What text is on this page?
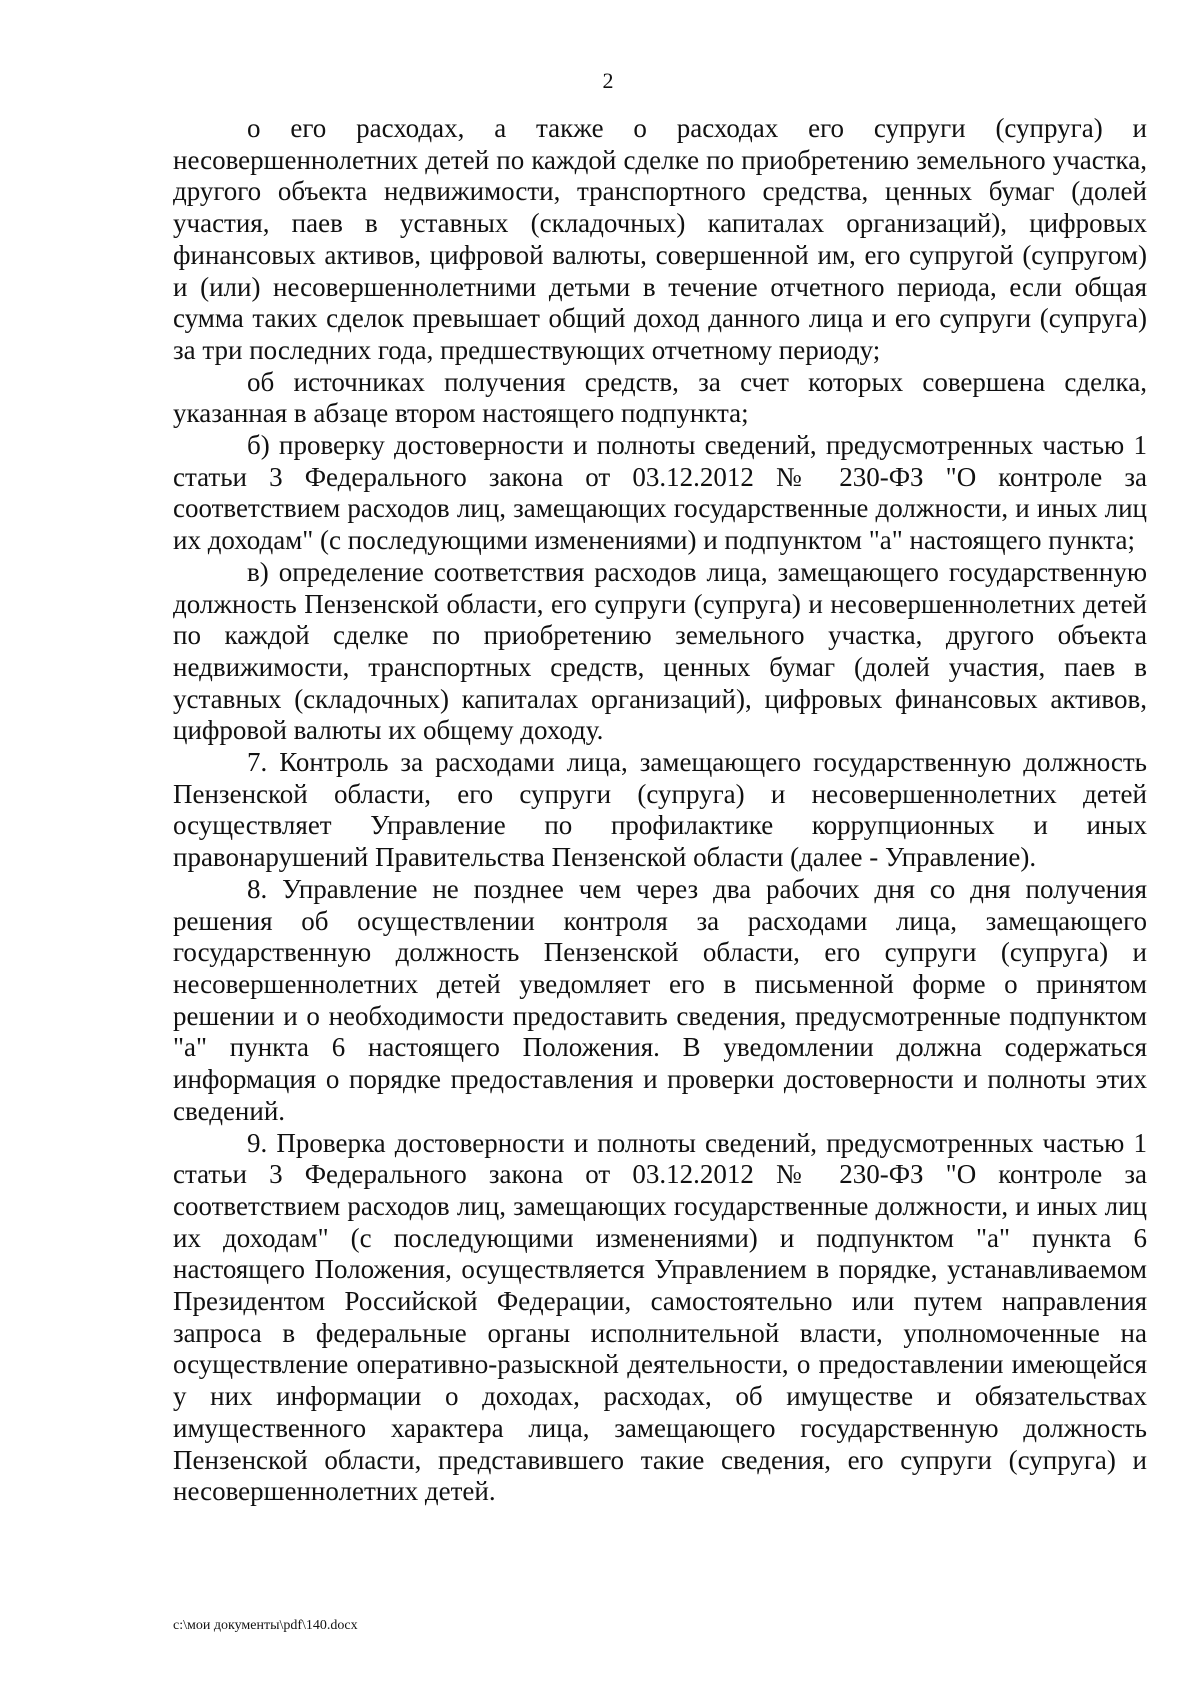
2

о его расходах, а также о расходах его супруги (супруга) и несовершеннолетних детей по каждой сделке по приобретению земельного участка, другого объекта недвижимости, транспортного средства, ценных бумаг (долей участия, паев в уставных (складочных) капиталах организаций), цифровых финансовых активов, цифровой валюты, совершенной им, его супругой (супругом) и (или) несовершеннолетними детьми в течение отчетного периода, если общая сумма таких сделок превышает общий доход данного лица и его супруги (супруга) за три последних года, предшествующих отчетному периоду;

об источниках получения средств, за счет которых совершена сделка, указанная в абзаце втором настоящего подпункта;

б) проверку достоверности и полноты сведений, предусмотренных частью 1 статьи 3 Федерального закона от 03.12.2012 № 230-ФЗ "О контроле за соответствием расходов лиц, замещающих государственные должности, и иных лиц их доходам" (с последующими изменениями) и подпунктом "а" настоящего пункта;

в) определение соответствия расходов лица, замещающего государственную должность Пензенской области, его супруги (супруга) и несовершеннолетних детей по каждой сделке по приобретению земельного участка, другого объекта недвижимости, транспортных средств, ценных бумаг (долей участия, паев в уставных (складочных) капиталах организаций), цифровых финансовых активов, цифровой валюты их общему доходу.

7. Контроль за расходами лица, замещающего государственную должность Пензенской области, его супруги (супруга) и несовершеннолетних детей осуществляет Управление по профилактике коррупционных и иных правонарушений Правительства Пензенской области (далее - Управление).

8. Управление не позднее чем через два рабочих дня со дня получения решения об осуществлении контроля за расходами лица, замещающего государственную должность Пензенской области, его супруги (супруга) и несовершеннолетних детей уведомляет его в письменной форме о принятом решении и о необходимости предоставить сведения, предусмотренные подпунктом "а" пункта 6 настоящего Положения. В уведомлении должна содержаться информация о порядке предоставления и проверки достоверности и полноты этих сведений.

9. Проверка достоверности и полноты сведений, предусмотренных частью 1 статьи 3 Федерального закона от 03.12.2012 № 230-ФЗ "О контроле за соответствием расходов лиц, замещающих государственные должности, и иных лиц их доходам" (с последующими изменениями) и подпунктом "а" пункта 6 настоящего Положения, осуществляется Управлением в порядке, устанавливаемом Президентом Российской Федерации, самостоятельно или путем направления запроса в федеральные органы исполнительной власти, уполномоченные на осуществление оперативно-разыскной деятельности, о предоставлении имеющейся у них информации о доходах, расходах, об имуществе и обязательствах имущественного характера лица, замещающего государственную должность Пензенской области, представившего такие сведения, его супруги (супруга) и несовершеннолетних детей.

c:\мои документы\pdf\140.docx
